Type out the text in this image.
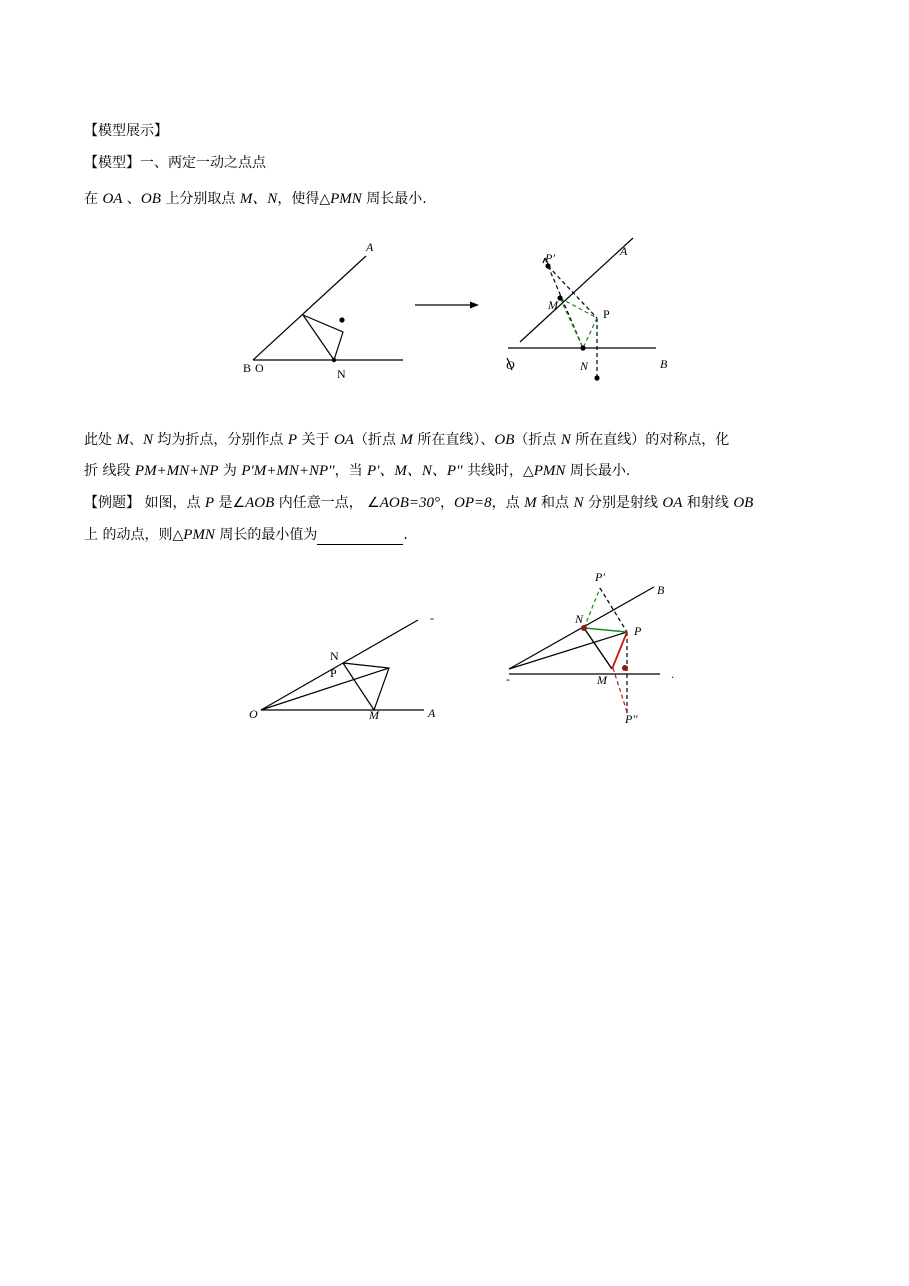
【模型展示】
【模型】一、两定一动之点点
在 OA 、OB 上分别取点 M、N，使得△PMN 周长最小.
此处 M、N 均为折点，分别作点 P 关于 OA（折点 M 所在直线）、OB（折点 N 所在直线）的对称点，化
折 线段 PM+MN+NP 为 P'M+MN+NP''，当 P'、M、N、P'' 共线时，△PMN 周长最小.
【例题】 如图，点 P 是∠AOB 内任意一点， ∠AOB=30°，OP=8，点 M 和点 N 分别是射线 OA 和射线 OB
上 的动点，则△PMN 周长的最小值为	.
A
B O	N
P'	A
M
P
O	N	B
N
P
O	M	A
-
P'
B
N
P
M
P''
-	.
